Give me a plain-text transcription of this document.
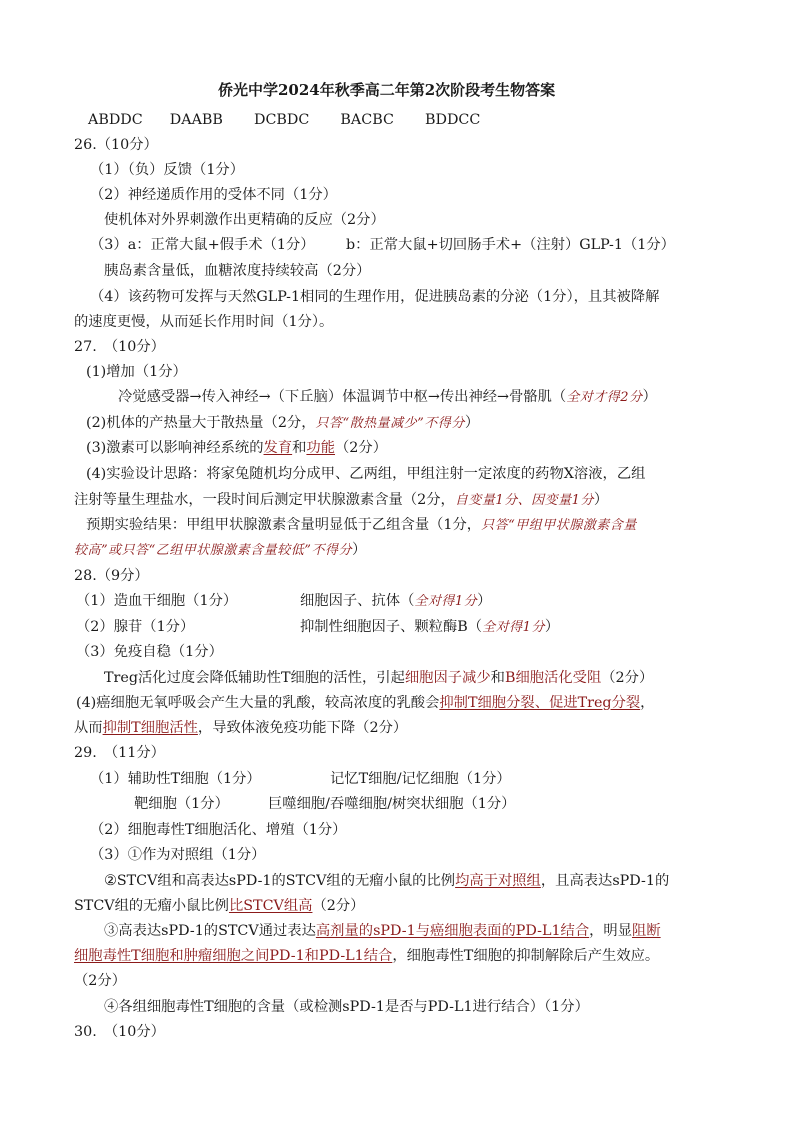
侨光中学2024年秋季高二年第2次阶段考生物答案
ABDDC DAABB DCBDC BACBC BDDCC
26.（10分）
（1）（负）反馈（1分）
（2）神经递质作用的受体不同（1分）
使机体对外界刺激作出更精确的反应（2分）
（3）a：正常大鼠+假手术（1分） b：正常大鼠+切回肠手术+（注射）GLP-1（1分）
胰岛素含量低，血糖浓度持续较高（2分）
（4）该药物可发挥与天然GLP-1相同的生理作用，促进胰岛素的分泌（1分），且其被降解
的速度更慢，从而延长作用时间（1分）。
27.　（10分）
(1)增加（1分）
冷觉感受器→传入神经→（下丘脑）体温调节中枢→传出神经→骨骼肌（全对才得2分）
(2)机体的产热量大于散热量（2分，只答“散热量减少”不得分）
(3)激素可以影响神经系统的发育和功能（2分）
(4)实验设计思路：将家兔随机均分成甲、乙两组，甲组注射一定浓度的药物X溶液，乙组
注射等量生理盐水，一段时间后测定甲状腺激素含量（2分，自变量1分、因变量1分）
预期实验结果：甲组甲状腺激素含量明显低于乙组含量（1分，只答“甲组甲状腺激素含量
较高”或只答“乙组甲状腺激素含量较低”不得分）
28.（9分）
（1）造血干细胞（1分）	细胞因子、抗体（全对得1分）
（2）腺苷（1分）	抑制性细胞因子、颗粒酶B（全对得1分）
（3）免疫自稳（1分）
Treg活化过度会降低辅助性T细胞的活性，引起细胞因子减少和B细胞活化受阻（2分）
(4)癌细胞无氧呼吸会产生大量的乳酸，较高浓度的乳酸会抑制T细胞分裂、促进Treg分裂，
从而抑制T细胞活性，导致体液免疫功能下降（2分）
29.　（11分）
（1）辅助性T细胞（1分）	记忆T细胞/记忆细胞（1分）
靶细胞（1分）	巨噬细胞/吞噬细胞/树突状细胞（1分）
（2）细胞毒性T细胞活化、增殖（1分）
（3）①作为对照组（1分）
②STCV组和高表达sPD-1的STCV组的无瘤小鼠的比例均高于对照组，且高表达sPD-1的
STCV组的无瘤小鼠比例比STCV组高（2分）
③高表达sPD-1的STCV通过表达高剂量的sPD-1与癌细胞表面的PD-L1结合，明显阻断
细胞毒性T细胞和肿瘤细胞之间PD-1和PD-L1结合，细胞毒性T细胞的抑制解除后产生效应。
（2分）
④各组细胞毒性T细胞的含量（或检测sPD-1是否与PD-L1进行结合）（1分）
30.　（10分）
